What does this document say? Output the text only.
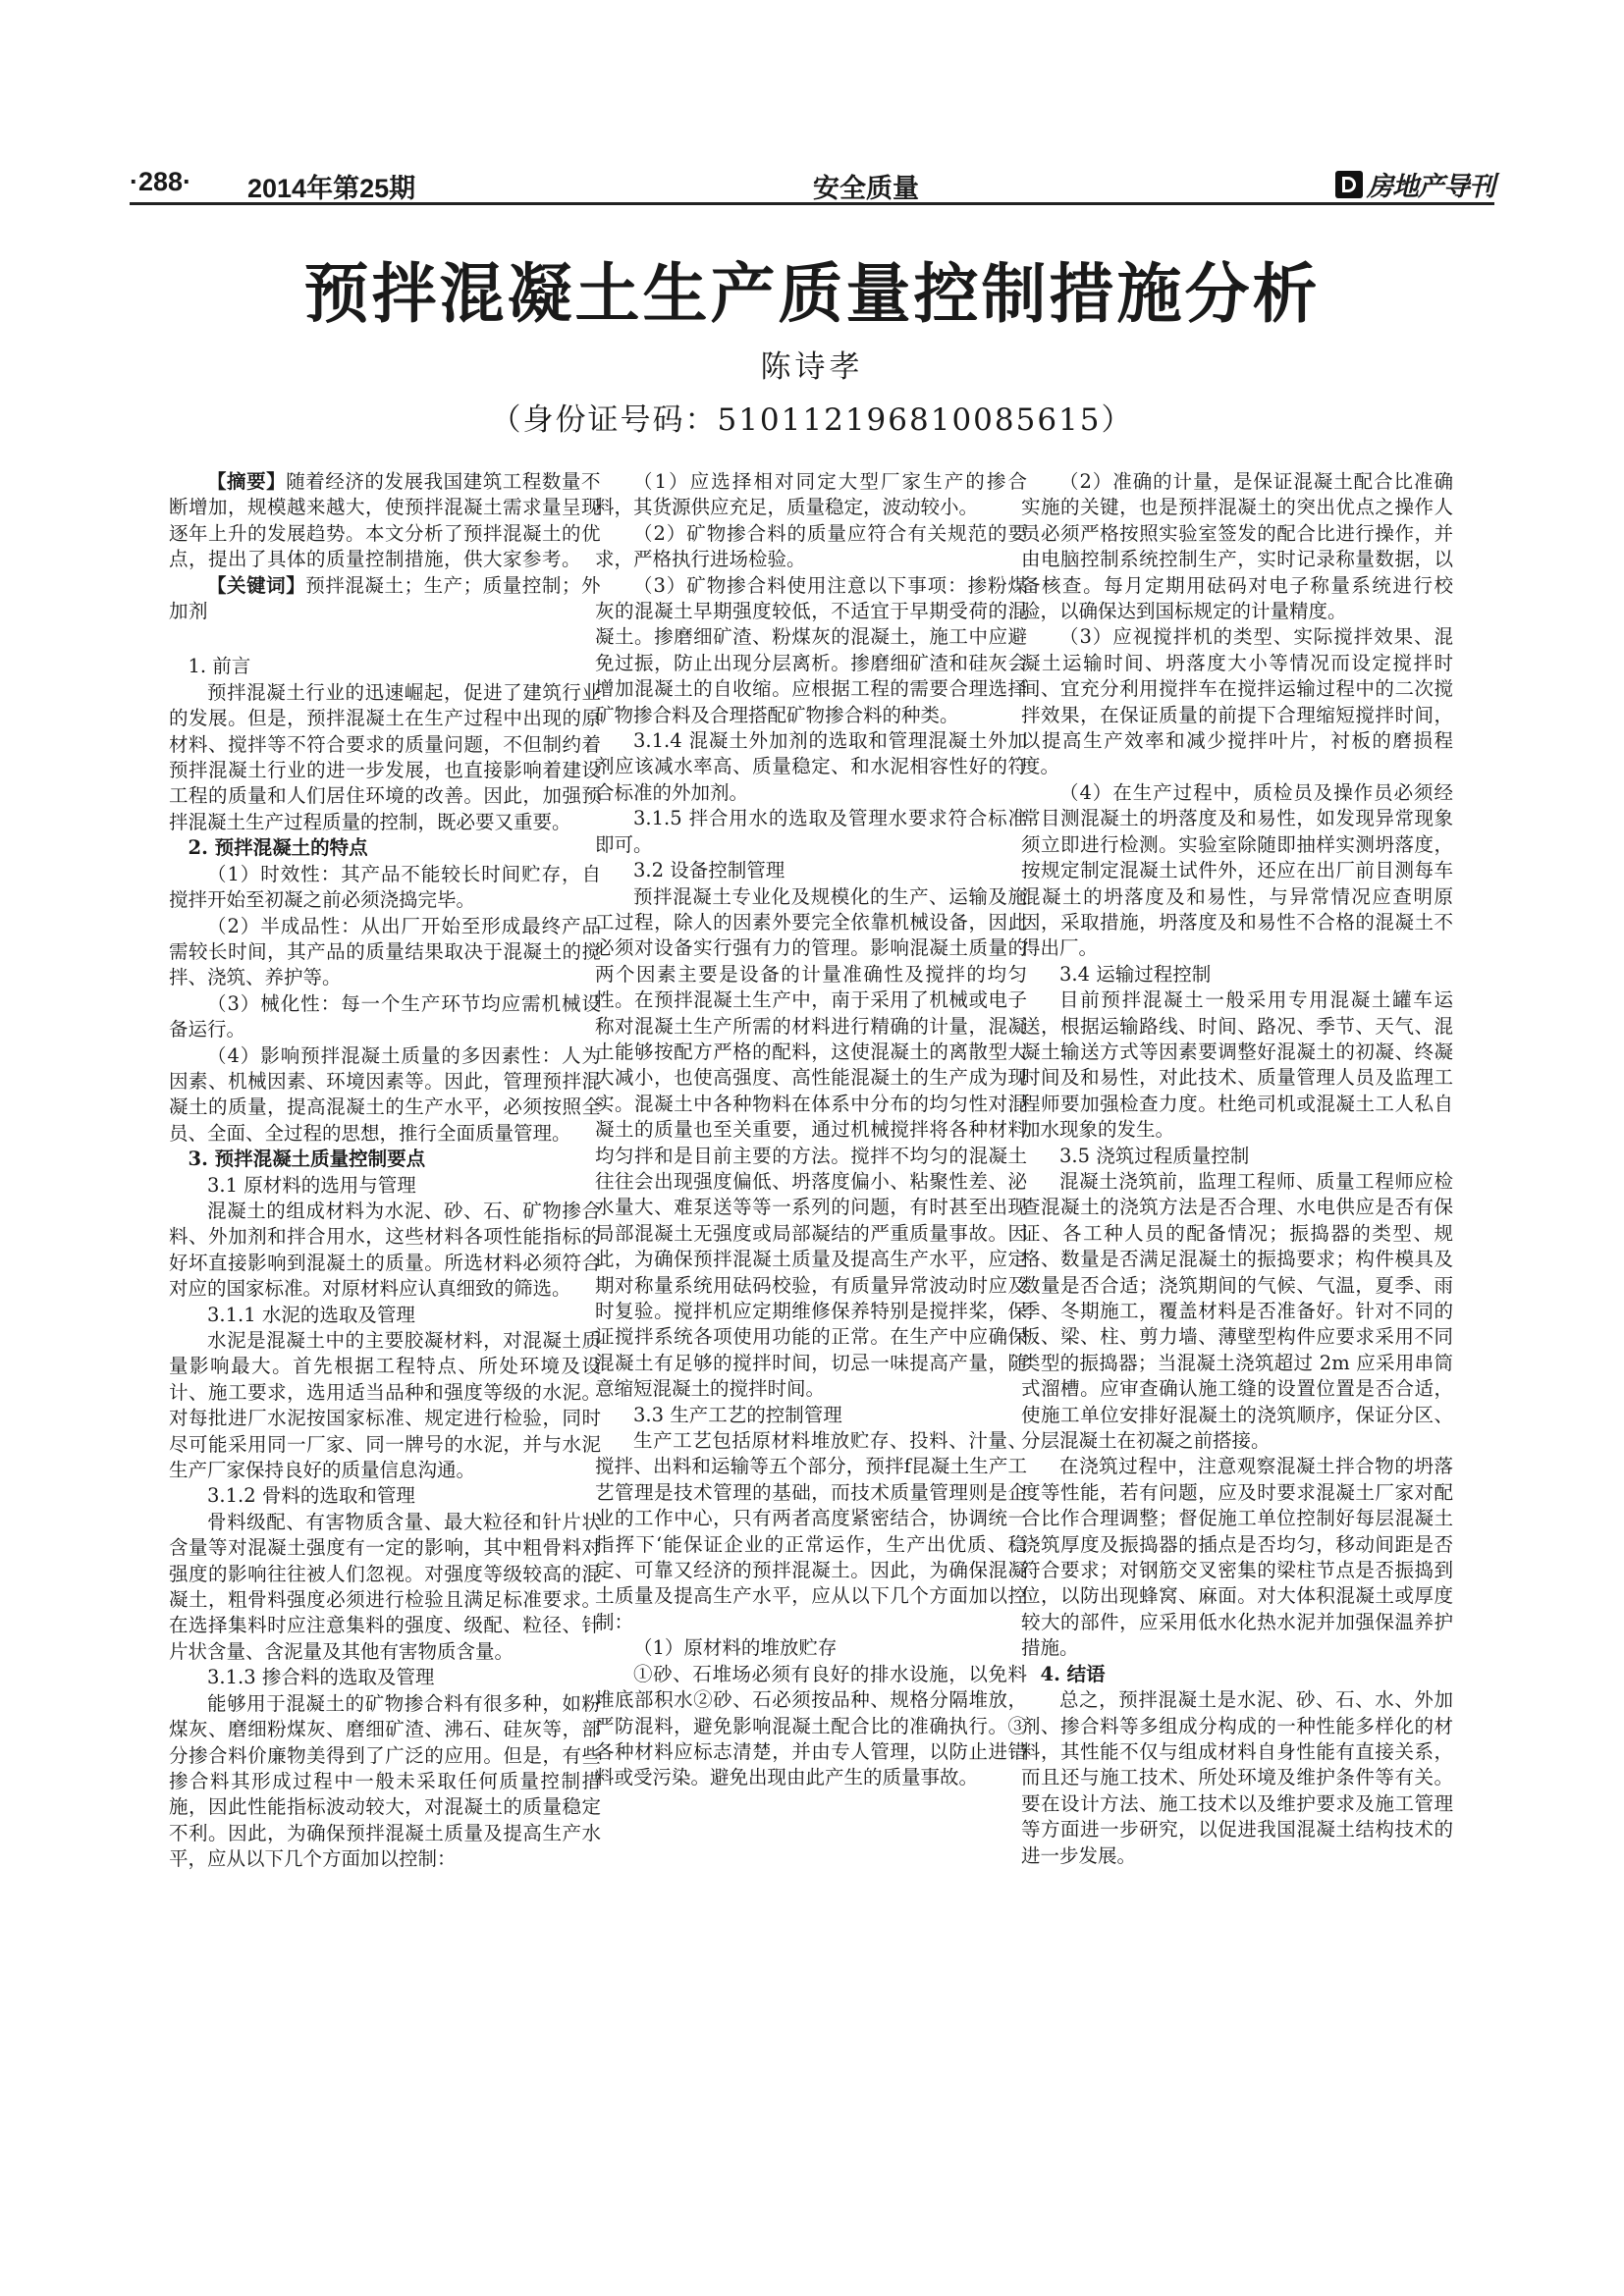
·288· 2014年第25期	安全质量	房地产导刊
预拌混凝土生产质量控制措施分析
陈诗孝
（身份证号码：510112196810085615）

【摘要】随着经济的发展我国建筑工程数量不断增加，规模越来越大，使预拌混凝土需求量呈现逐年上升的发展趋势。本文分析了预拌混凝土的优点，提出了具体的质量控制措施，供大家参考。

【关键词】预拌混凝土；生产；质量控制；外加剂

1. 前言

预拌混凝土行业的迅速崛起，促进了建筑行业的发展。但是，预拌混凝土在生产过程中出现的原材料、搅拌等不符合要求的质量问题，不但制约着预拌混凝土行业的进一步发展，也直接影响着建设工程的质量和人们居住环境的改善。因此，加强预拌混凝土生产过程质量的控制，既必要又重要。

2. 预拌混凝土的特点

（1）时效性：其产品不能较长时间贮存，自搅拌开始至初凝之前必须浇捣完毕。

（2）半成品性：从出厂开始至形成最终产品需较长时间，其产品的质量结果取决于混凝土的搅拌、浇筑、养护等。

（3）械化性：每一个生产环节均应需机械设备运行。

（4）影响预拌混凝土质量的多因素性：人为因素、机械因素、环境因素等。因此，管理预拌混凝土的质量，提高混凝土的生产水平，必须按照全员、全面、全过程的思想，推行全面质量管理。

3. 预拌混凝土质量控制要点

3.1 原材料的选用与管理

混凝土的组成材料为水泥、砂、石、矿物掺合料、外加剂和拌合用水，这些材料各项性能指标的好坏直接影响到混凝土的质量。所选材料必须符合对应的国家标准。对原材料应认真细致的筛选。

3.1.1 水泥的选取及管理

水泥是混凝土中的主要胶凝材料，对混凝土质量影响最大。首先根据工程特点、所处环境及设计、施工要求，选用适当品种和强度等级的水泥。对每批进厂水泥按国家标准、规定进行检验，同时尽可能采用同一厂家、同一牌号的水泥，并与水泥生产厂家保持良好的质量信息沟通。

3.1.2 骨料的选取和管理

骨料级配、有害物质含量、最大粒径和针片状含量等对混凝土强度有一定的影响，其中粗骨料对强度的影响往往被人们忽视。对强度等级较高的混凝土，粗骨料强度必须进行检验且满足标准要求。在选择集料时应注意集料的强度、级配、粒径、针片状含量、含泥量及其他有害物质含量。

3.1.3 掺合料的选取及管理

能够用于混凝土的矿物掺合料有很多种，如粉煤灰、磨细粉煤灰、磨细矿渣、沸石、硅灰等，部分掺合料价廉物美得到了广泛的应用。但是，有些掺合料其形成过程中一般未采取任何质量控制措施，因此性能指标波动较大，对混凝土的质量稳定不利。因此，为确保预拌混凝土质量及提高生产水平，应从以下几个方面加以控制：

（1）应选择相对同定大型厂家生产的掺合料，其货源供应充足，质量稳定，波动较小。

（2）矿物掺合料的质量应符合有关规范的要求，严格执行进场检验。

（3）矿物掺合料使用注意以下事项：掺粉煤灰的混凝土早期强度较低，不适宜于早期受荷的混凝土。掺磨细矿渣、粉煤灰的混凝土，施工中应避免过振，防止出现分层离析。掺磨细矿渣和硅灰会增加混凝土的自收缩。应根据工程的需要合理选择矿物掺合料及合理搭配矿物掺合料的种类。

3.1.4 混凝土外加剂的选取和管理混凝土外加剂应该减水率高、质量稳定、和水泥相容性好的符合标准的外加剂。

3.1.5 拌合用水的选取及管理水要求符合标准即可。

3.2 设备控制管理

预拌混凝土专业化及规模化的生产、运输及施工过程，除人的因素外要完全依靠机械设备，因此必须对设备实行强有力的管理。影响混凝土质量的两个因素主要是设备的计量准确性及搅拌的均匀性。在预拌混凝土生产中，南于采用了机械或电子称对混凝土生产所需的材料进行精确的计量，混凝土能够按配方严格的配料，这使混凝土的离散型大大减小，也使高强度、高性能混凝土的生产成为现实。混凝土中各种物料在体系中分布的均匀性对混凝土的质量也至关重要，通过机械搅拌将各种材料均匀拌和是目前主要的方法。搅拌不均匀的混凝土往往会出现强度偏低、坍落度偏小、粘聚性差、泌水量大、难泵送等等一系列的问题，有时甚至出现局部混凝土无强度或局部凝结的严重质量事故。因此，为确保预拌混凝土质量及提高生产水平，应定期对称量系统用砝码校验，有质量异常波动时应及时复验。搅拌机应定期维修保养特别是搅拌桨，保证搅拌系统各项使用功能的正常。在生产中应确保混凝土有足够的搅拌时间，切忌一味提高产量，随意缩短混凝土的搅拌时间。

3.3 生产工艺的控制管理

生产工艺包括原材料堆放贮存、投料、汁量、搅拌、出料和运输等五个部分，预拌f昆凝土生产工艺管理是技术管理的基础，而技术质量管理则是企业的工作中心，只有两者高度紧密结合，协调统一指挥下‘能保证企业的正常运作，生产出优质、稳定、可靠又经济的预拌混凝土。因此，为确保混凝土质量及提高生产水平，应从以下几个方面加以控制：

（1）原材料的堆放贮存

①砂、石堆场必须有良好的排水设施，以免料堆底部积水②砂、石必须按品种、规格分隔堆放，严防混料，避免影响混凝土配合比的准确执行。③各种材料应标志清楚，并由专人管理，以防止进错料或受污染。避免出现由此产生的质量事故。

（2）准确的计量，是保证混凝土配合比准确实施的关键，也是预拌混凝土的突出优点之操作人员必须严格按照实验室签发的配合比进行操作，并由电脑控制系统控制生产，实时记录称量数据，以备核查。每月定期用砝码对电子称量系统进行校验，以确保达到国标规定的计量精度。

（3）应视搅拌机的类型、实际搅拌效果、混凝土运输时间、坍落度大小等情况而设定搅拌时间、宜充分利用搅拌车在搅拌运输过程中的二次搅拌效果，在保证质量的前提下合理缩短搅拌时间，以提高生产效率和减少搅拌叶片，衬板的磨损程度。

（4）在生产过程中，质检员及操作员必须经常目测混凝土的坍落度及和易性，如发现异常现象须立即进行检测。实验室除随即抽样实测坍落度，按规定制定混凝土试件外，还应在出厂前目测每车混凝土的坍落度及和易性，与异常情况应查明原因，采取措施，坍落度及和易性不合格的混凝土不得出厂。

3.4 运输过程控制

目前预拌混凝土一般采用专用混凝土罐车运送，根据运输路线、时间、路况、季节、天气、混凝土输送方式等因素要调整好混凝土的初凝、终凝时间及和易性，对此技术、质量管理人员及监理工程师要加强检查力度。杜绝司机或混凝土工人私自加水现象的发生。

3.5 浇筑过程质量控制

混凝土浇筑前，监理工程师、质量工程师应检查混凝土的浇筑方法是否合理、水电供应是否有保证、各工种人员的配备情况；振捣器的类型、规格、数量是否满足混凝土的振捣要求；构件模具及数量是否合适；浇筑期间的气候、气温，夏季、雨季、冬期施工，覆盖材料是否准备好。针对不同的板、梁、柱、剪力墙、薄壁型构件应要求采用不同类型的振捣器；当混凝土浇筑超过 2m 应采用串筒式溜槽。应审查确认施工缝的设置位置是否合适，使施工单位安排好混凝土的浇筑顺序，保证分区、分层混凝土在初凝之前搭接。

在浇筑过程中，注意观察混凝土拌合物的坍落度等性能，若有问题，应及时要求混凝土厂家对配合比作合理调整；督促施工单位控制好每层混凝土浇筑厚度及振捣器的插点是否均匀，移动间距是否符合要求；对钢筋交叉密集的梁柱节点是否振捣到位，以防出现蜂窝、麻面。对大体积混凝土或厚度较大的部件，应采用低水化热水泥并加强保温养护措施。

4. 结语

总之，预拌混凝土是水泥、砂、石、水、外加剂、掺合料等多组成分构成的一种性能多样化的材料，其性能不仅与组成材料自身性能有直接关系，而且还与施工技术、所处环境及维护条件等有关。要在设计方法、施工技术以及维护要求及施工管理等方面进一步研究，以促进我国混凝土结构技术的进一步发展。
